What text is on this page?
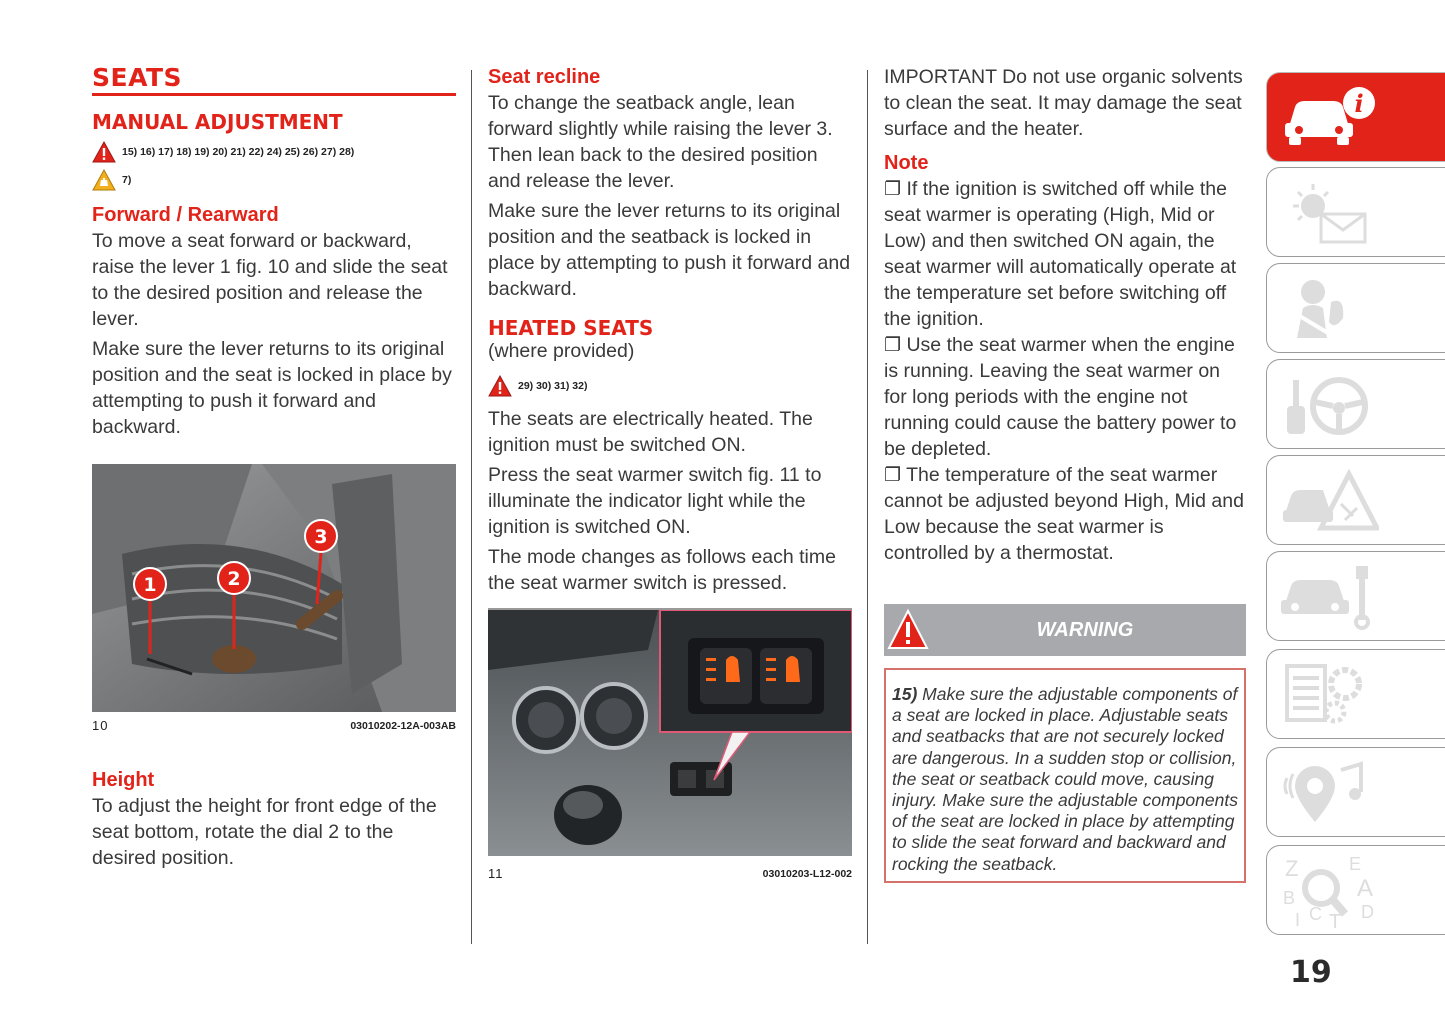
SEATS
MANUAL ADJUSTMENT
15) 16) 17) 18) 19) 20) 21) 22) 24) 25) 26) 27) 28)
7)
Forward / Rearward

To move a seat forward or backward, raise the lever 1 fig. 10 and slide the seat to the desired position and release the lever.

Make sure the lever returns to its original position and the seat is locked in place by attempting to push it forward and backward.

1	2
3
10	03010202-12A-003AB
Height

To adjust the height for front edge of the seat bottom, rotate the dial 2 to the desired position.

Seat recline

To change the seatback angle, lean forward slightly while raising the lever 3. Then lean back to the desired position and release the lever.

Make sure the lever returns to its original position and the seatback is locked in place by attempting to push it forward and backward.

HEATED SEATS

(where provided)

29) 30) 31) 32)

The seats are electrically heated. The ignition must be switched ON.

Press the seat warmer switch fig. 11 to illuminate the indicator light while the ignition is switched ON.

The mode changes as follows each time the seat warmer switch is pressed.

11	03010203-L12-002

IMPORTANT Do not use organic solvents to clean the seat. It may damage the seat surface and the heater.

Note

❐ If the ignition is switched off while the seat warmer is operating (High, Mid or Low) and then switched ON again, the seat warmer will automatically operate at the temperature set before switching off the ignition.

❐ Use the seat warmer when the engine is running. Leaving the seat warmer on for long periods with the engine not running could cause the battery power to be depleted.

❐ The temperature of the seat warmer cannot be adjusted beyond High, Mid and Low because the seat warmer is controlled by a thermostat.

WARNING

15) Make sure the adjustable components of a seat are locked in place. Adjustable seats and seatbacks that are not securely locked are dangerous. In a sudden stop or collision, the seat or seatback could move, causing injury. Make sure the adjustable components of the seat are locked in place by attempting to slide the seat forward and backward and rocking the seatback.

i
Z	E
A
B
C T D
I
19
